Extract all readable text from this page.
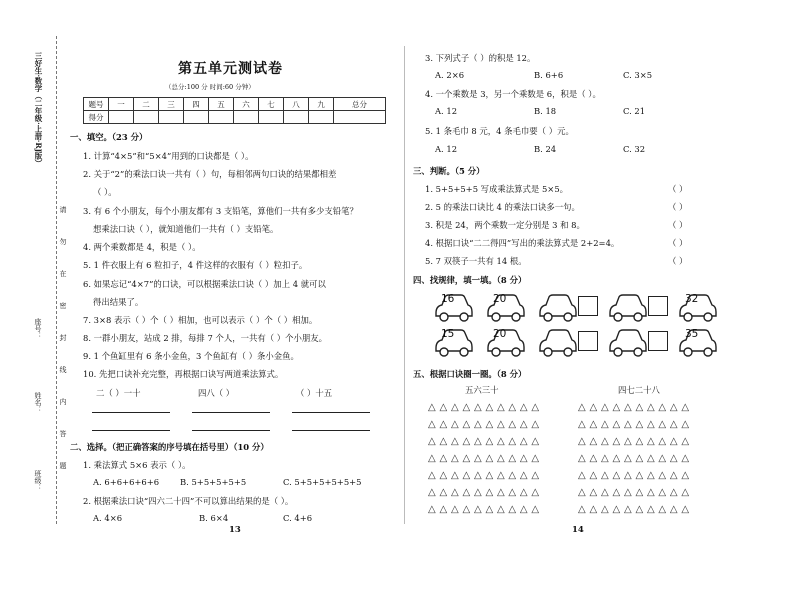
三好生·数学（二年级·上册·RJ版）
座号：
姓名：
班级：
请
勿
在
密
封
线
内
答
题
第五单元测试卷
（总分:100 分 时间:60 分钟）
题号	一	二	三	四	五	六	七	八	九	总分
得分										
一、填空。（23 分）
1. 计算“4×5”和“5×4”用到的口诀都是（ ）。
2. 关于“2”的乘法口诀一共有（ ）句，每相邻两句口诀的结果都相差
（ ）。
3. 有 6 个小朋友，每个小朋友都有 3 支铅笔，算他们一共有多少支铅笔？
想乘法口诀（ ），就知道他们一共有（ ）支铅笔。
4. 两个乘数都是 4，积是（ ）。
5. 1 件衣服上有 6 粒扣子，4 件这样的衣服有（ ）粒扣子。
6. 如果忘记“4×7”的口诀，可以根据乘法口诀（ ）加上 4 就可以
得出结果了。
7. 3×8 表示（ ）个（ ）相加，也可以表示（ ）个（ ）相加。
8. 一群小朋友，站成 2 排，每排 7 个人，一共有（ ）个小朋友。
9. 1 个鱼缸里有 6 条小金鱼，3 个鱼缸有（ ）条小金鱼。
10. 先把口诀补充完整，再根据口诀写两道乘法算式。
二（ ）一十	四八（ ）	（ ）十五
二、选择。（把正确答案的序号填在括号里）（10 分）
1. 乘法算式 5×6 表示（ ）。
A. 6+6+6+6+6 B. 5+5+5+5+5	C. 5+5+5+5+5+5
2. 根据乘法口诀“四六二十四”不可以算出结果的是（ ）。
A. 4×6	B. 6×4	C. 4+6
13
3. 下列式子（ ）的积是 12。
A. 2×6	B. 6+6	C. 3×5
4. 一个乘数是 3，另一个乘数是 6，积是（ ）。
A. 12	B. 18	C. 21
5. 1 条毛巾 8 元，4 条毛巾要（ ）元。
A. 12	B. 24	C. 32
三、判断。（5 分）
1. 5+5+5+5 写成乘法算式是 5×5。	（ ）
2. 5 的乘法口诀比 4 的乘法口诀多一句。	（ ）
3. 积是 24，两个乘数一定分别是 3 和 8。	（ ）
4. 根据口诀“二二得四”写出的乘法算式是 2+2=4。	（ ）
5. 7 双筷子一共有 14 根。	（ ）
四、找规律，填一填。（8 分）
16	20	32
15	20	35
五、根据口诀圈一圈。（8 分）
五六三十	四七二十八
△△△△△△△△△△
△△△△△△△△△△
△△△△△△△△△△
△△△△△△△△△△
△△△△△△△△△△
△△△△△△△△△△
△△△△△△△△△△
△△△△△△△△△△
△△△△△△△△△△
△△△△△△△△△△
△△△△△△△△△△
△△△△△△△△△△
△△△△△△△△△△
△△△△△△△△△△
14
